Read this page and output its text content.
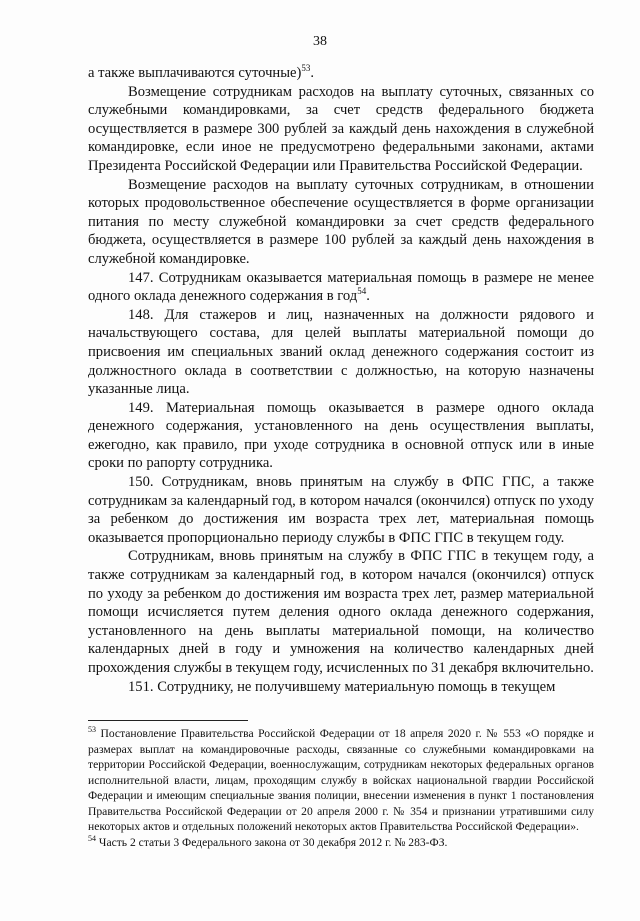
38

а также выплачиваются суточные)$^{53}$.

Возмещение сотрудникам расходов на выплату суточных, связанных со служебными командировками, за счет средств федерального бюджета осуществляется в размере 300 рублей за каждый день нахождения в служебной командировке, если иное не предусмотрено федеральными законами, актами Президента Российской Федерации или Правительства Российской Федерации.

Возмещение расходов на выплату суточных сотрудникам, в отношении которых продовольственное обеспечение осуществляется в форме организации питания по месту служебной командировки за счет средств федерального бюджета, осуществляется в размере 100 рублей за каждый день нахождения в служебной командировке.

147. Сотрудникам оказывается материальная помощь в размере не менее одного оклада денежного содержания в год$^{54}$.

148. Для стажеров и лиц, назначенных на должности рядового и начальствующего состава, для целей выплаты материальной помощи до присвоения им специальных званий оклад денежного содержания состоит из должностного оклада в соответствии с должностью, на которую назначены указанные лица.

149. Материальная помощь оказывается в размере одного оклада денежного содержания, установленного на день осуществления выплаты, ежегодно, как правило, при уходе сотрудника в основной отпуск или в иные сроки по рапорту сотрудника.

150. Сотрудникам, вновь принятым на службу в ФПС ГПС, а также сотрудникам за календарный год, в котором начался (окончился) отпуск по уходу за ребенком до достижения им возраста трех лет, материальная помощь оказывается пропорционально периоду службы в ФПС ГПС в текущем году.

Сотрудникам, вновь принятым на службу в ФПС ГПС в текущем году, а также сотрудникам за календарный год, в котором начался (окончился) отпуск по уходу за ребенком до достижения им возраста трех лет, размер материальной помощи исчисляется путем деления одного оклада денежного содержания, установленного на день выплаты материальной помощи, на количество календарных дней в году и умножения на количество календарных дней прохождения службы в текущем году, исчисленных по 31 декабря включительно.

151. Сотруднику, не получившему материальную помощь в текущем

$^{53}$ Постановление Правительства Российской Федерации от 18 апреля 2020 г. № 553 «О порядке и размерах выплат на командировочные расходы, связанные со служебными командировками на территории Российской Федерации, военнослужащим, сотрудникам некоторых федеральных органов исполнительной власти, лицам, проходящим службу в войсках национальной гвардии Российской Федерации и имеющим специальные звания полиции, внесении изменения в пункт 1 постановления Правительства Российской Федерации от 20 апреля 2000 г. № 354 и признании утратившими силу некоторых актов и отдельных положений некоторых актов Правительства Российской Федерации».

$^{54}$ Часть 2 статьи 3 Федерального закона от 30 декабря 2012 г. № 283-ФЗ.
